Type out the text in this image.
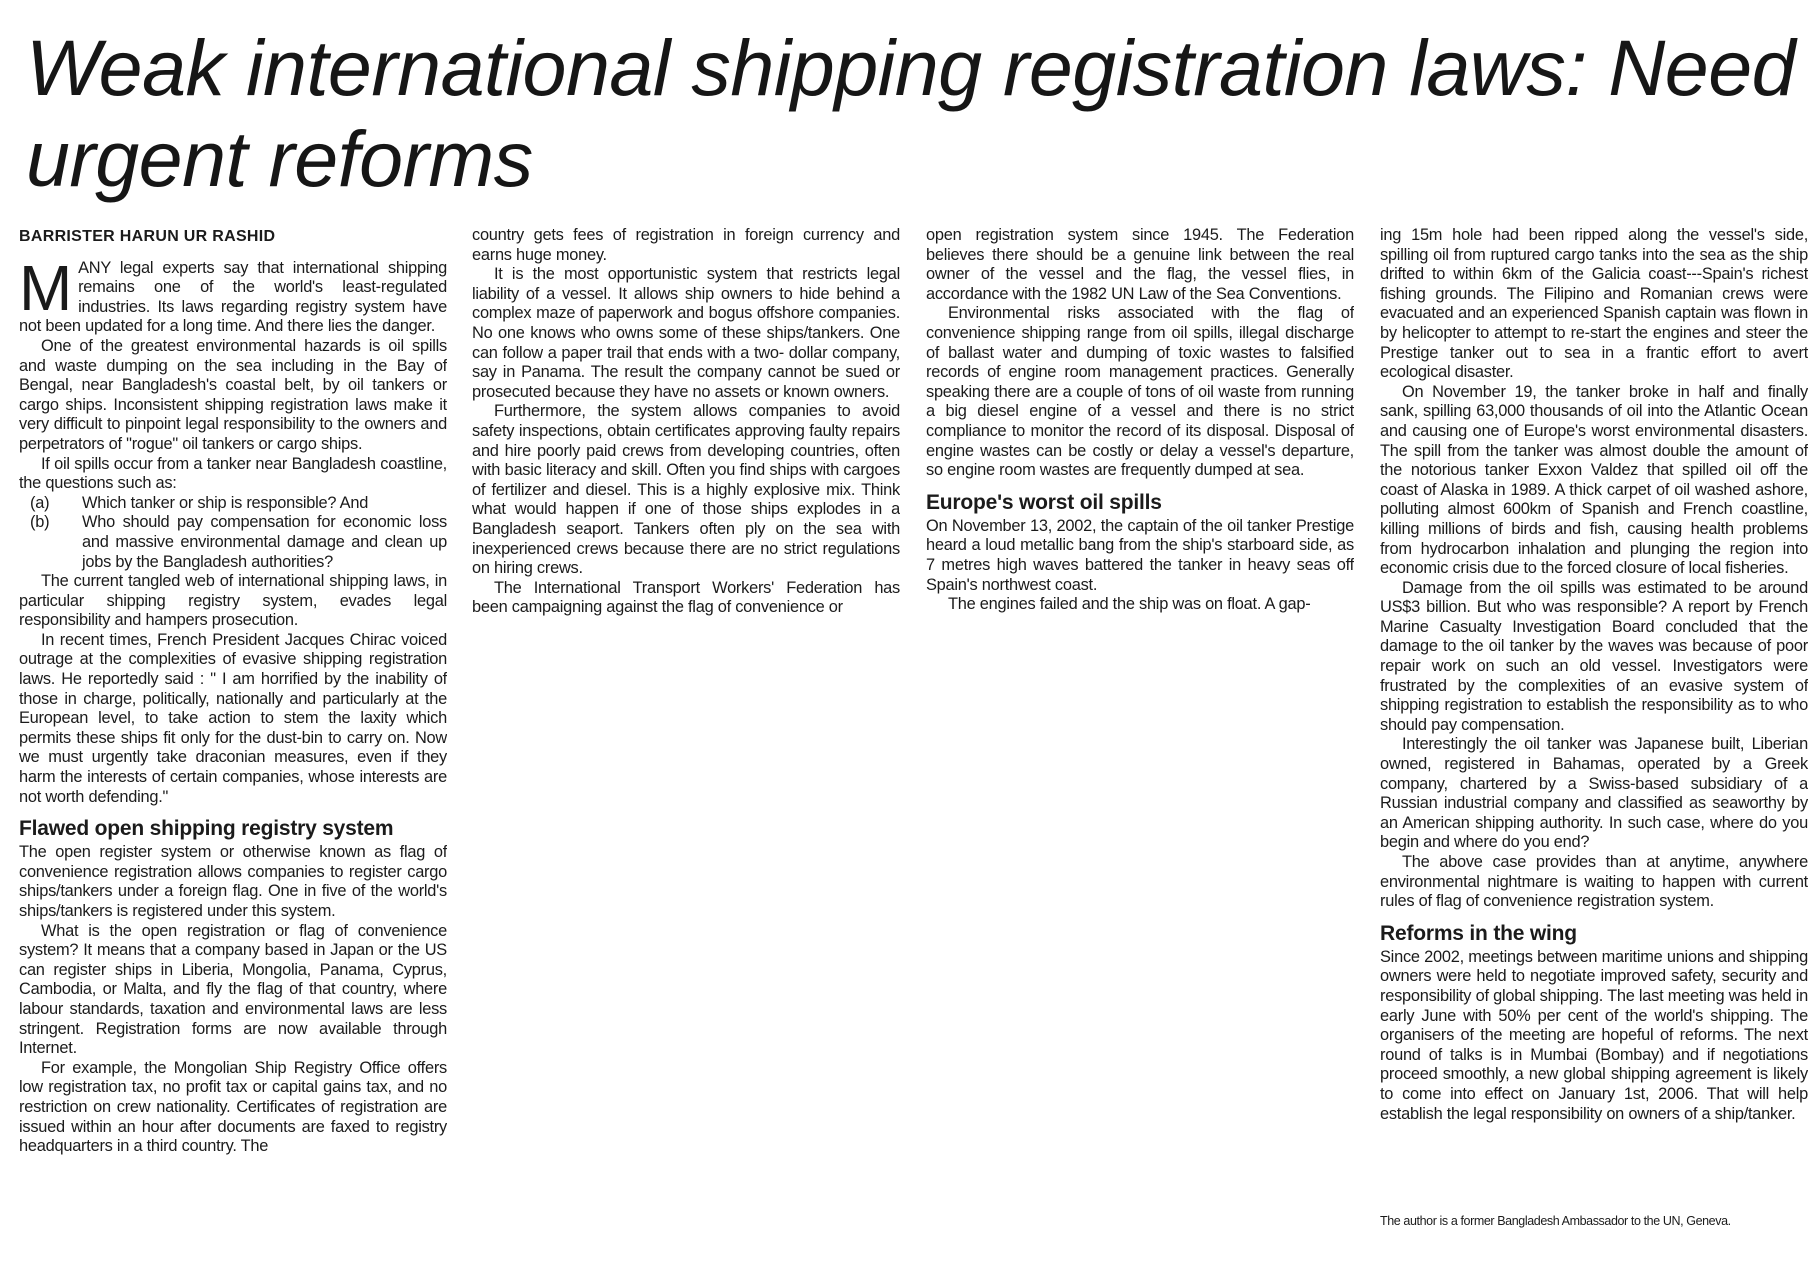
Weak international shipping registration laws: Need urgent reforms
BARRISTER HARUN UR RASHID

MANY legal experts say that international shipping remains one of the world's least-regulated industries. Its laws regarding registry system have not been updated for a long time. And there lies the danger.

One of the greatest environmental hazards is oil spills and waste dumping on the sea including in the Bay of Bengal, near Bangladesh's coastal belt, by oil tankers or cargo ships. Inconsistent shipping registration laws make it very difficult to pinpoint legal responsibility to the owners and perpetrators of "rogue" oil tankers or cargo ships.

If oil spills occur from a tanker near Bangladesh coastline, the questions such as:

(a)	Which tanker or ship is responsible? And

(b)	Who should pay compensation for economic loss and massive environmental damage and clean up jobs by the Bangladesh authorities?

The current tangled web of international shipping laws, in particular shipping registry system, evades legal responsibility and hampers prosecution.

In recent times, French President Jacques Chirac voiced outrage at the complexities of evasive shipping registration laws. He reportedly said : " I am horrified by the inability of those in charge, politically, nationally and particularly at the European level, to take action to stem the laxity which permits these ships fit only for the dust-bin to carry on. Now we must urgently take draconian measures, even if they harm the interests of certain companies, whose interests are not worth defending."

Flawed open shipping registry system

The open register system or otherwise known as flag of convenience registration allows companies to register cargo ships/tankers under a foreign flag. One in five of the world's ships/tankers is registered under this system.

What is the open registration or flag of convenience system? It means that a company based in Japan or the US can register ships in Liberia, Mongolia, Panama, Cyprus, Cambodia, or Malta, and fly the flag of that country, where labour standards, taxation and environmental laws are less stringent. Registration forms are now available through Internet.

For example, the Mongolian Ship Registry Office offers low registration tax, no profit tax or capital gains tax, and no restriction on crew nationality. Certificates of registration are issued within an hour after documents are faxed to registry headquarters in a third country. The

country gets fees of registration in foreign currency and earns huge money.

It is the most opportunistic system that restricts legal liability of a vessel. It allows ship owners to hide behind a complex maze of paperwork and bogus offshore companies. No one knows who owns some of these ships/tankers. One can follow a paper trail that ends with a two- dollar company, say in Panama. The result the company cannot be sued or prosecuted because they have no assets or known owners.

Furthermore, the system allows companies to avoid safety inspections, obtain certificates approving faulty repairs and hire poorly paid crews from developing countries, often with basic literacy and skill. Often you find ships with cargoes of fertilizer and diesel. This is a highly explosive mix. Think what would happen if one of those ships explodes in a Bangladesh seaport. Tankers often ply on the sea with inexperienced crews because there are no strict regulations on hiring crews.

The International Transport Workers' Federation has been campaigning against the flag of convenience or

open registration system since 1945. The Federation believes there should be a genuine link between the real owner of the vessel and the flag, the vessel flies, in accordance with the 1982 UN Law of the Sea Conventions.

Environmental risks associated with the flag of convenience shipping range from oil spills, illegal discharge of ballast water and dumping of toxic wastes to falsified records of engine room management practices. Generally speaking there are a couple of tons of oil waste from running a big diesel engine of a vessel and there is no strict compliance to monitor the record of its disposal. Disposal of engine wastes can be costly or delay a vessel's departure, so engine room wastes are frequently dumped at sea.

Europe's worst oil spills

On November 13, 2002, the captain of the oil tanker Prestige heard a loud metallic bang from the ship's starboard side, as 7 metres high waves battered the tanker in heavy seas off Spain's northwest coast.

The engines failed and the ship was on float. A gap-

ing 15m hole had been ripped along the vessel's side, spilling oil from ruptured cargo tanks into the sea as the ship drifted to within 6km of the Galicia coast---Spain's richest fishing grounds. The Filipino and Romanian crews were evacuated and an experienced Spanish captain was flown in by helicopter to attempt to re-start the engines and steer the Prestige tanker out to sea in a frantic effort to avert ecological disaster.

On November 19, the tanker broke in half and finally sank, spilling 63,000 thousands of oil into the Atlantic Ocean and causing one of Europe's worst environmental disasters. The spill from the tanker was almost double the amount of the notorious tanker Exxon Valdez that spilled oil off the coast of Alaska in 1989. A thick carpet of oil washed ashore, polluting almost 600km of Spanish and French coastline, killing millions of birds and fish, causing health problems from hydrocarbon inhalation and plunging the region into economic crisis due to the forced closure of local fisheries.

Damage from the oil spills was estimated to be around US$3 billion. But who was responsible? A report by French Marine Casualty Investigation Board concluded that the damage to the oil tanker by the waves was because of poor repair work on such an old vessel. Investigators were frustrated by the complexities of an evasive system of shipping registration to establish the responsibility as to who should pay compensation.

Interestingly the oil tanker was Japanese built, Liberian owned, registered in Bahamas, operated by a Greek company, chartered by a Swiss-based subsidiary of a Russian industrial company and classified as seaworthy by an American shipping authority. In such case, where do you begin and where do you end?

The above case provides than at anytime, anywhere environmental nightmare is waiting to happen with current rules of flag of convenience registration system.

Reforms in the wing

Since 2002, meetings between maritime unions and shipping owners were held to negotiate improved safety, security and responsibility of global shipping. The last meeting was held in early June with 50% per cent of the world's shipping. The organisers of the meeting are hopeful of reforms. The next round of talks is in Mumbai (Bombay) and if negotiations proceed smoothly, a new global shipping agreement is likely to come into effect on January 1st, 2006. That will help establish the legal responsibility on owners of a ship/tanker.

The author is a former Bangladesh Ambassador to the UN, Geneva.
